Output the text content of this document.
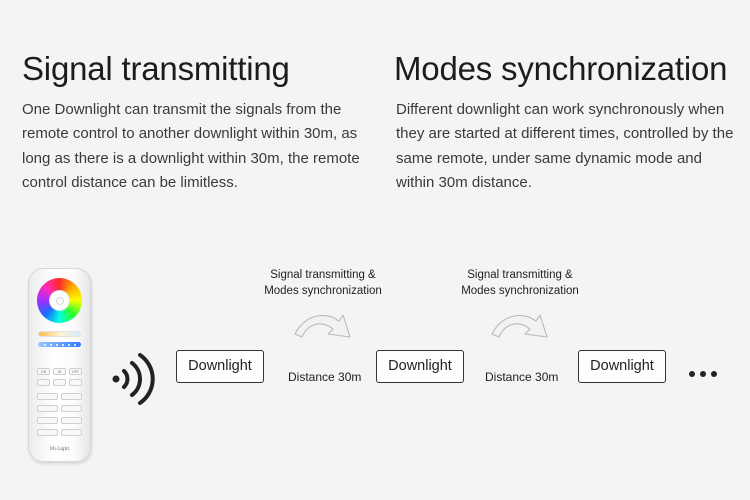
Signal transmitting
One Downlight can transmit the signals from the remote control to another downlight within 30m, as long as there is a downlight within 30m, the remote control distance can be limitless.
Modes synchronization
Different downlight can work synchronously when they are started at different times, controlled by the same remote, under same dynamic mode and within 30m distance.
ON	W	OFF
Mi·Light
Downlight	Downlight	Downlight
Signal transmitting &
Modes synchronization
Signal transmitting &
Modes synchronization
Distance 30m	Distance 30m
